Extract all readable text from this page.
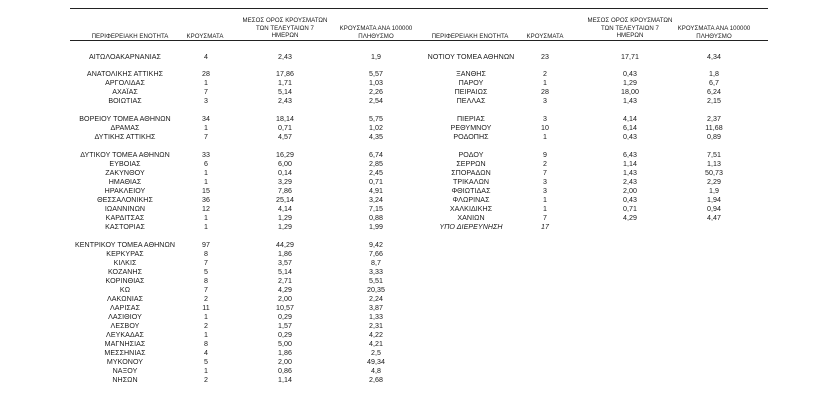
ΠΕΡΙΦΕΡΕΙΑΚΗ ΕΝΟΤΗΤΑ	ΚΡΟΥΣΜΑΤΑ
ΜΕΣΟΣ ΟΡΟΣ ΚΡΟΥΣΜΑΤΩΝ
ΤΩΝ ΤΕΛΕΥΤΑΙΩΝ 7
ΗΜΕΡΩΝ
ΚΡΟΥΣΜΑΤΑ ΑΝΑ 100000
ΠΛΗΘΥΣΜΟ	ΠΕΡΙΦΕΡΕΙΑΚΗ ΕΝΟΤΗΤΑ	ΚΡΟΥΣΜΑΤΑ
ΜΕΣΟΣ ΟΡΟΣ ΚΡΟΥΣΜΑΤΩΝ
ΤΩΝ ΤΕΛΕΥΤΑΙΩΝ 7
ΗΜΕΡΩΝ
ΚΡΟΥΣΜΑΤΑ ΑΝΑ 100000
ΠΛΗΘΥΣΜΟ
ΑΙΤΩΛΟΑΚΑΡΝΑΝΙΑΣ	4	2,43	1,9
ΑΝΑΤΟΛΙΚΗΣ ΑΤΤΙΚΗΣ	28	17,86	5,57
ΑΡΓΟΛΙΔΑΣ	1	1,71	1,03
ΑΧΑΪΑΣ	7	5,14	2,26
ΒΟΙΩΤΙΑΣ	3	2,43	2,54
ΒΟΡΕΙΟΥ ΤΟΜΕΑ ΑΘΗΝΩΝ	34	18,14	5,75
ΔΡΑΜΑΣ	1	0,71	1,02
ΔΥΤΙΚΗΣ ΑΤΤΙΚΗΣ	7	4,57	4,35
ΔΥΤΙΚΟΥ ΤΟΜΕΑ ΑΘΗΝΩΝ	33	16,29	6,74
ΕΥΒΟΙΑΣ	6	6,00	2,85
ΖΑΚΥΝΘΟΥ	1	0,14	2,45
ΗΜΑΘΙΑΣ	1	3,29	0,71
ΗΡΑΚΛΕΙΟΥ	15	7,86	4,91
ΘΕΣΣΑΛΟΝΙΚΗΣ	36	25,14	3,24
ΙΩΑΝΝΙΝΩΝ	12	4,14	7,15
ΚΑΡΔΙΤΣΑΣ	1	1,29	0,88
ΚΑΣΤΟΡΙΑΣ	1	1,29	1,99
ΚΕΝΤΡΙΚΟΥ ΤΟΜΕΑ ΑΘΗΝΩΝ	97	44,29	9,42
ΚΕΡΚΥΡΑΣ	8	1,86	7,66
ΚΙΛΚΙΣ	7	3,57	8,7
ΚΟΖΑΝΗΣ	5	5,14	3,33
ΚΟΡΙΝΘΙΑΣ	8	2,71	5,51
ΚΩ	7	4,29	20,35
ΛΑΚΩΝΙΑΣ	2	2,00	2,24
ΛΑΡΙΣΑΣ	11	10,57	3,87
ΛΑΣΙΘΙΟΥ	1	0,29	1,33
ΛΕΣΒΟΥ	2	1,57	2,31
ΛΕΥΚΑΔΑΣ	1	0,29	4,22
ΜΑΓΝΗΣΙΑΣ	8	5,00	4,21
ΜΕΣΣΗΝΙΑΣ	4	1,86	2,5
ΜΥΚΟΝΟΥ	5	2,00	49,34
ΝΑΞΟΥ	1	0,86	4,8
ΝΗΣΩΝ	2	1,14	2,68
ΝΟΤΙΟΥ ΤΟΜΕΑ ΑΘΗΝΩΝ	23	17,71	4,34
ΞΑΝΘΗΣ	2	0,43	1,8
ΠΑΡΟΥ	1	1,29	6,7
ΠΕΙΡΑΙΩΣ	28	18,00	6,24
ΠΕΛΛΑΣ	3	1,43	2,15
ΠΙΕΡΙΑΣ	3	4,14	2,37
ΡΕΘΥΜΝΟΥ	10	6,14	11,68
ΡΟΔΟΠΗΣ	1	0,43	0,89
ΡΟΔΟΥ	9	6,43	7,51
ΣΕΡΡΩΝ	2	1,14	1,13
ΣΠΟΡΑΔΩΝ	7	1,43	50,73
ΤΡΙΚΑΛΩΝ	3	2,43	2,29
ΦΘΙΩΤΙΔΑΣ	3	2,00	1,9
ΦΛΩΡΙΝΑΣ	1	0,43	1,94
ΧΑΛΚΙΔΙΚΗΣ	1	0,71	0,94
ΧΑΝΙΩΝ	7	4,29	4,47
ΥΠΟ ΔΙΕΡΕΥΝΗΣΗ	17
